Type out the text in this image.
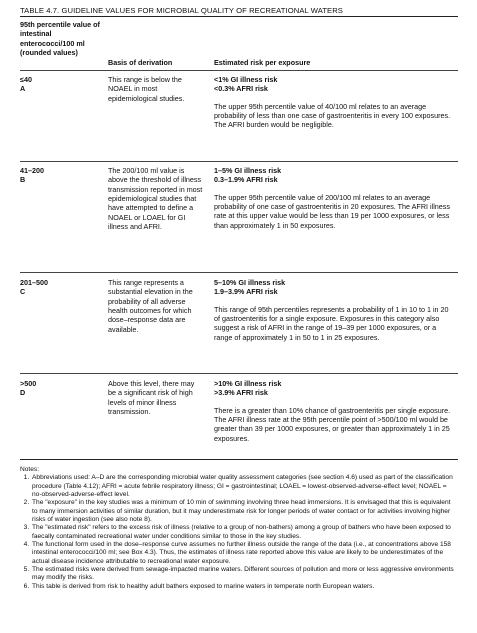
TABLE 4.7. GUIDELINE VALUES FOR MICROBIAL QUALITY OF RECREATIONAL WATERS
95th percentile value of intestinal enterococci/100 ml (rounded values)
Basis of derivation	Estimated risk per exposure
≤40
A
This range is below the NOAEL in most epidemiological studies.
<1% GI illness risk
<0.3% AFRI risk
The upper 95th percentile value of 40/100 ml relates to an average probability of less than one case of gastroenteritis in every 100 exposures. The AFRI burden would be negligible.
41–200
B
The 200/100 ml value is above the threshold of illness transmission reported in most epidemiological studies that have attempted to define a NOAEL or LOAEL for GI illness and AFRI.
1–5% GI illness risk
0.3–1.9% AFRI risk
The upper 95th percentile value of 200/100 ml relates to an average probability of one case of gastroenteritis in 20 exposures. The AFRI illness rate at this upper value would be less than 19 per 1000 exposures, or less than approximately 1 in 50 exposures.
201–500
C
This range represents a substantial elevation in the probability of all adverse health outcomes for which dose–response data are available.
5–10% GI illness risk
1.9–3.9% AFRI risk
This range of 95th percentiles represents a probability of 1 in 10 to 1 in 20 of gastroenteritis for a single exposure. Exposures in this category also suggest a risk of AFRI in the range of 19–39 per 1000 exposures, or a range of approximately 1 in 50 to 1 in 25 exposures.
>500
D
Above this level, there may be a significant risk of high levels of minor illness transmission.
>10% GI illness risk
>3.9% AFRI risk
There is a greater than 10% chance of gastroenteritis per single exposure. The AFRI illness rate at the 95th percentile point of >500/100 ml would be greater than 39 per 1000 exposures, or greater than approximately 1 in 25 exposures.
Notes:
1. Abbreviations used: A–D are the corresponding microbial water quality assessment categories (see section 4.6) used as part of the classification procedure (Table 4.12); AFRI = acute febrile respiratory illness; GI = gastrointestinal; LOAEL = lowest-observed-adverse-effect level; NOAEL = no-observed-adverse-effect level.
2. The "exposure" in the key studies was a minimum of 10 min of swimming involving three head immersions. It is envisaged that this is equivalent to many immersion activities of similar duration, but it may underestimate risk for longer periods of water contact or for activities involving higher risks of water ingestion (see also note 8).
3. The "estimated risk" refers to the excess risk of illness (relative to a group of non-bathers) among a group of bathers who have been exposed to faecally contaminated recreational water under conditions similar to those in the key studies.
4. The functional form used in the dose–response curve assumes no further illness outside the range of the data (i.e., at concentrations above 158 intestinal enterococci/100 ml; see Box 4.3). Thus, the estimates of illness rate reported above this value are likely to be underestimates of the actual disease incidence attributable to recreational water exposure.
5. The estimated risks were derived from sewage-impacted marine waters. Different sources of pollution and more or less aggressive environments may modify the risks.
6. This table is derived from risk to healthy adult bathers exposed to marine waters in temperate north European waters.
